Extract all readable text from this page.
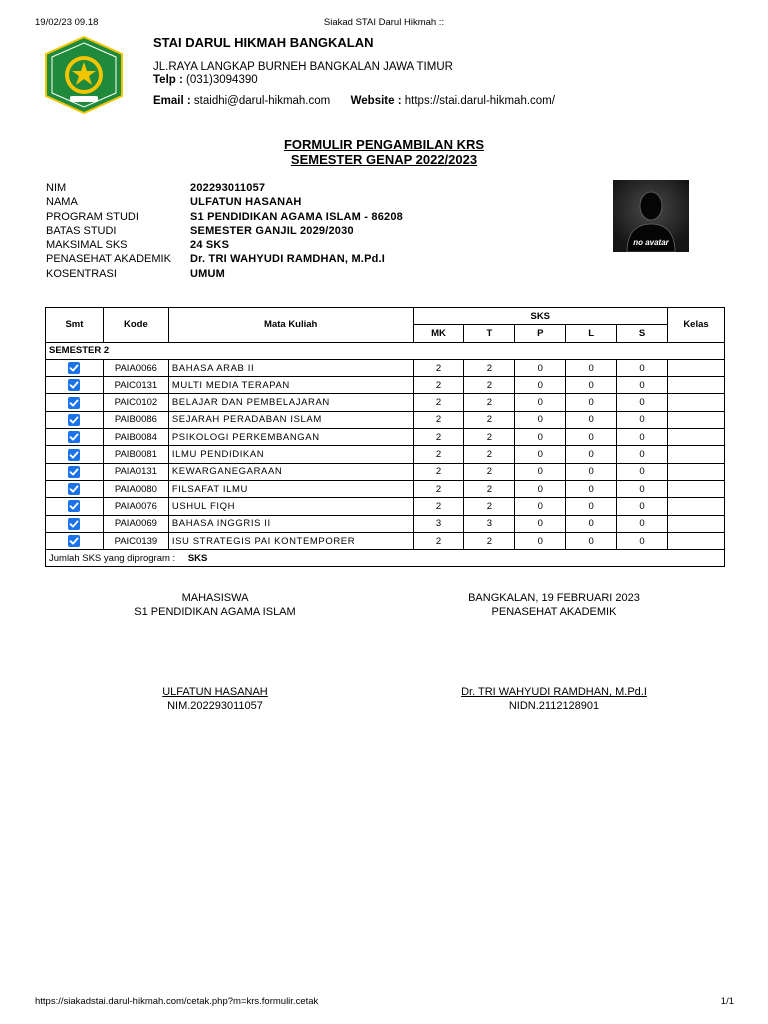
19/02/23 09.18	Siakad STAI Darul Hikmah ::
STAI DARUL HIKMAH BANGKALAN
JL.RAYA LANGKAP BURNEH BANGKALAN JAWA TIMUR
Telp : (031)3094390
Email : staidhi@darul-hikmah.com Website : https://stai.darul-hikmah.com/
FORMULIR PENGAMBILAN KRS
SEMESTER GENAP 2022/2023
NIM	202293011057
NAMA	ULFATUN HASANAH
PROGRAM STUDI	S1 PENDIDIKAN AGAMA ISLAM - 86208
BATAS STUDI	SEMESTER GANJIL 2029/2030
MAKSIMAL SKS	24 SKS
PENASEHAT AKADEMIK	Dr. TRI WAHYUDI RAMDHAN, M.Pd.I
KOSENTRASI	UMUM
no avatar
Smt	Kode	Mata Kuliah	SKS					Kelas
			MK	T	P	L	S	
SEMESTER 2								

	PAIA0066	BAHASA ARAB II	2	2	0	0	0	

	PAIC0131	MULTI MEDIA TERAPAN	2	2	0	0	0	

	PAIC0102	BELAJAR DAN PEMBELAJARAN	2	2	0	0	0	

	PAIB0086	SEJARAH PERADABAN ISLAM	2	2	0	0	0	

	PAIB0084	PSIKOLOGI PERKEMBANGAN	2	2	0	0	0	

	PAIB0081	ILMU PENDIDIKAN	2	2	0	0	0	

	PAIA0131	KEWARGANEGARAAN	2	2	0	0	0	

	PAIA0080	FILSAFAT ILMU	2	2	0	0	0	

	PAIA0076	USHUL FIQH	2	2	0	0	0	

	PAIA0069	BAHASA INGGRIS II	3	3	0	0	0	

	PAIC0139	ISU STRATEGIS PAI KONTEMPORER	2	2	0	0	0	
Jumlah SKS yang diprogram : SKS								
MAHASISWA
S1 PENDIDIKAN AGAMA ISLAM
ULFATUN HASANAH
NIM.202293011057
BANGKALAN, 19 FEBRUARI 2023
PENASEHAT AKADEMIK
Dr. TRI WAHYUDI RAMDHAN, M.Pd.I
NIDN.2112128901
https://siakadstai.darul-hikmah.com/cetak.php?m=krs.formulir.cetak	1/1
